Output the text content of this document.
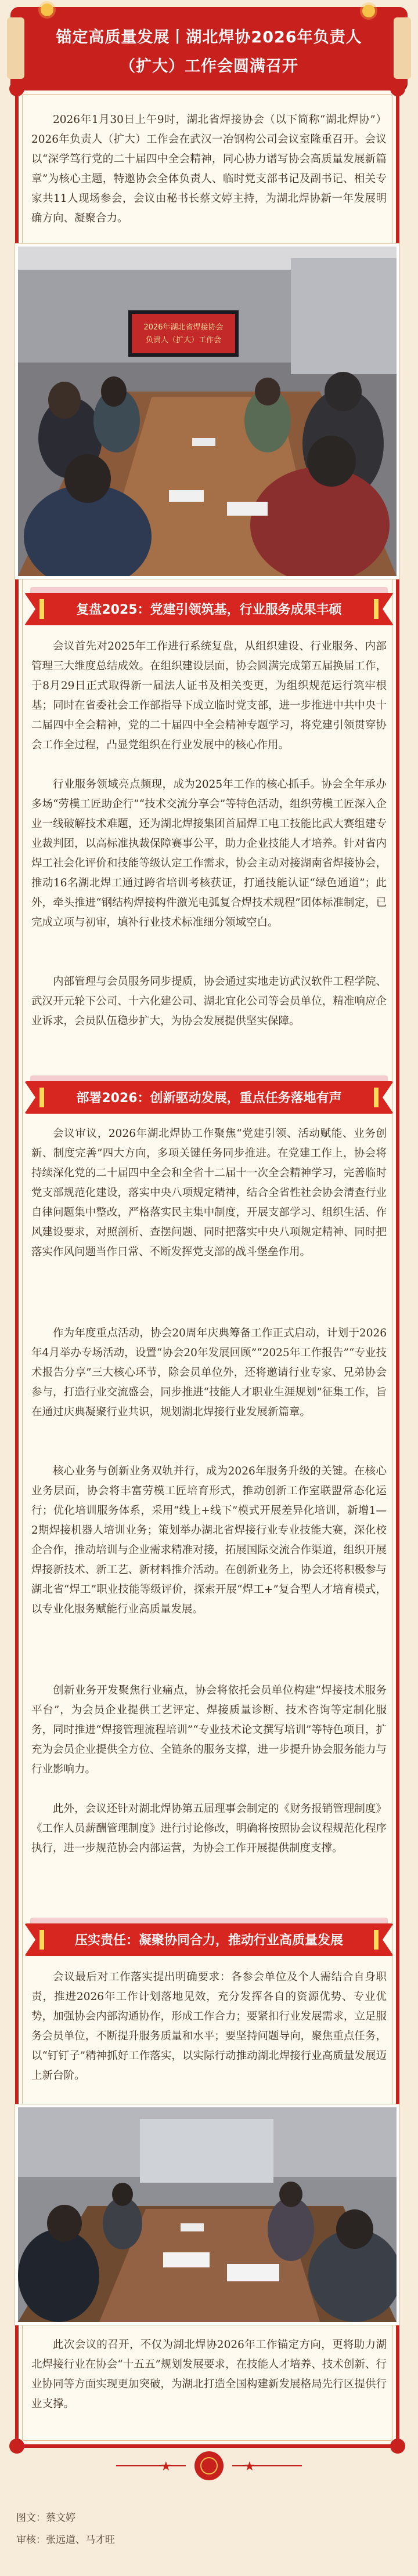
锚定高质量发展丨湖北焊协2026年负责人
（扩大）工作会圆满召开
2026年1月30日上午9时，湖北省焊接协会（以下简称“湖北焊协”）2026年负责人（扩大）工作会在武汉一冶钢构公司会议室隆重召开。会议以“深学笃行党的二十届四中全会精神，同心协力谱写协会高质量发展新篇章”为核心主题，特邀协会全体负责人、临时党支部书记及副书记、相关专家共11人现场参会，会议由秘书长蔡文婷主持，为湖北焊协新一年发展明确方向、凝聚合力。
2026年湖北省焊接协会
负责人（扩大）工作会
复盘2025：党建引领筑基，行业服务成果丰硕
会议首先对2025年工作进行系统复盘，从组织建设、行业服务、内部管理三大维度总结成效。在组织建设层面，协会圆满完成第五届换届工作，于8月29日正式取得新一届法人证书及相关变更，为组织规范运行筑牢根基；同时在省委社会工作部指导下成立临时党支部，进一步推进中共中央十二届四中全会精神，党的二十届四中全会精神专题学习，将党建引领贯穿协会工作全过程，凸显党组织在行业发展中的核心作用。
行业服务领域亮点频现，成为2025年工作的核心抓手。协会全年承办多场“劳模工匠助企行”“技术交流分享会”等特色活动，组织劳模工匠深入企业一线破解技术难题，还为湖北焊接集团首届焊工电工技能比武大赛组建专业裁判团，以高标准执裁保障赛事公平，助力企业技能人才培养。针对省内焊工社会化评价和技能等级认定工作需求，协会主动对接湖南省焊接协会，推动16名湖北焊工通过跨省培训考核获证，打通技能认证“绿色通道”；此外，牵头推进“钢结构焊接构件激光电弧复合焊技术规程”团体标准制定，已完成立项与初审，填补行业技术标准细分领域空白。
内部管理与会员服务同步提质，协会通过实地走访武汉软件工程学院、武汉开元轮下公司、十六化建公司、湖北宜化公司等会员单位，精准响应企业诉求，会员队伍稳步扩大，为协会发展提供坚实保障。
部署2026：创新驱动发展，重点任务落地有声
会议审议，2026年湖北焊协工作聚焦“党建引领、活动赋能、业务创新、制度完善”四大方向，多项关键任务同步推进。在党建工作上，协会将持续深化党的二十届四中全会和全省十二届十一次全会精神学习，完善临时党支部规范化建设，落实中央八项规定精神，结合全省性社会协会清查行业自律问题集中整改，严格落实民主集中制度，开展支部学习、组织生活、作风建设要求，对照剖析、查摆问题、同时把落实中央八项规定精神、同时把落实作风问题当作日常、不断发挥党支部的战斗堡垒作用。
作为年度重点活动，协会20周年庆典筹备工作正式启动，计划于2026年4月举办专场活动，设置“协会20年发展回顾”“2025年工作报告”“专业技术报告分享”三大核心环节，除会员单位外，还将邀请行业专家、兄弟协会参与，打造行业交流盛会，同步推进“技能人才职业生涯规划”征集工作，旨在通过庆典凝聚行业共识，规划湖北焊接行业发展新篇章。
核心业务与创新业务双轨并行，成为2026年服务升级的关键。在核心业务层面，协会将丰富劳模工匠培育形式，推动创新工作室联盟常态化运行；优化培训服务体系，采用“线上+线下”模式开展差异化培训，新增1—2期焊接机器人培训业务；策划举办湖北省焊接行业专业技能大赛，深化校企合作，推动培训与企业需求精准对接，拓展国际交流合作渠道，组织开展焊接新技术、新工艺、新材料推介活动。在创新业务上，协会还将积极参与湖北省“焊工”职业技能等级评价，探索开展“焊工+”复合型人才培育模式，以专业化服务赋能行业高质量发展。
创新业务开发聚焦行业痛点，协会将依托会员单位构建“焊接技术服务平台”，为会员企业提供工艺评定、焊接质量诊断、技术咨询等定制化服务，同时推进“焊接管理流程培训”“专业技术论文撰写培训”等特色项目，扩充为会员企业提供全方位、全链条的服务支撑，进一步提升协会服务能力与行业影响力。
此外，会议还针对湖北焊协第五届理事会制定的《财务报销管理制度》《工作人员薪酬管理制度》进行讨论修改，明确将按照协会议程规范化程序执行，进一步规范协会内部运营，为协会工作开展提供制度支撑。
压实责任：凝聚协同合力，推动行业高质量发展
会议最后对工作落实提出明确要求：各参会单位及个人需结合自身职责，推进2026年工作计划落地见效，充分发挥各自的资源优势、专业优势，加强协会内部沟通协作，形成工作合力；要紧扣行业发展需求，立足服务会员单位，不断提升服务质量和水平；要坚持问题导向，聚焦重点任务，以“钉钉子”精神抓好工作落实，以实际行动推动湖北焊接行业高质量发展迈上新台阶。
此次会议的召开，不仅为湖北焊协2026年工作锚定方向，更将助力湖北焊接行业在协会“十五五”规划发展要求，在技能人才培养、技术创新、行业协同等方面实现更加突破，为湖北打造全国构建新发展格局先行区提供行业支撑。
★	★
图文：蔡文婷
审核：张远道、马才旺
